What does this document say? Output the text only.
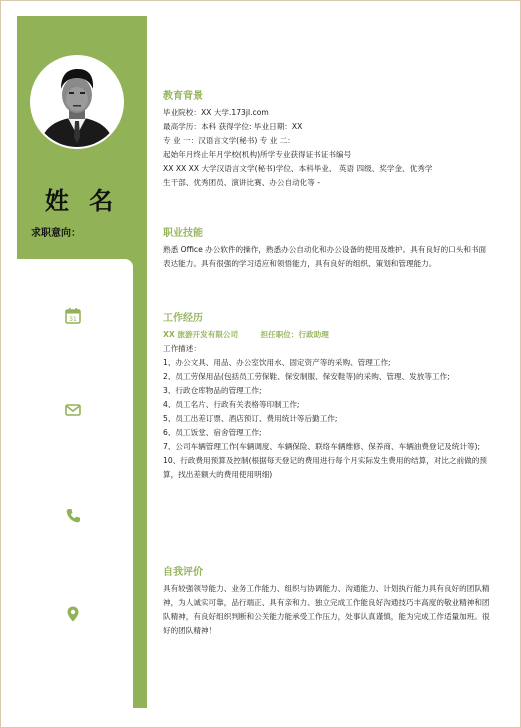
姓 名
求职意向：
31
教育背景
毕业院校：XX 大学.173jl.com
最高学历：本科 获得学位: 毕业日期：XX
专 业 一：汉语言文学(秘书) 专 业 二：
起始年月终止年月学校(机构)所学专业获得证书证书编号
XX XX XX 大学汉语言文学(秘书)学位、本科毕业、 英语 四级、奖学金、优秀学
生干部、优秀团员、演讲比赛、办公自动化等 -
职业技能
熟悉 Office 办公软件的操作，熟悉办公自动化和办公设备的使用及维护。具有良好的口头和书面表达能力。具有很强的学习适应和领悟能力，具有良好的组织、策划和管理能力。
工作经历
XX 旅游开发有限公司	担任职位：行政助理
工作描述：
1、办公文具、用品、办公室饮用水、固定资产等的采购、管理工作;
2、员工劳保用品(包括员工劳保鞋、保安制服、保安鞋等)的采购、管理、发放等工作;
3、行政仓库物品的管理工作;
4、员工名片、行政有关表格等印制工作;
5、员工出差订票、酒店预订、费用统计等后勤工作;
6、员工饭堂、宿舍管理工作;
7、公司车辆管理工作(车辆调度、车辆保险、联络车辆维修、保养商、车辆油费登记及统计等);
10、行政费用预算及控制(根据每天登记的费用进行每个月实际发生费用的结算，对比之前做的预算，找出差额大的费用使用明细)
自我评价
具有较强领导能力、业务工作能力、组织与协调能力、沟通能力、计划执行能力具有良好的团队精神，为人诚实可靠，品行端正、具有亲和力、独立完成工作能良好沟通技巧丰高度的敬业精神和团队精神，有良好组织判断和公关能力能承受工作压力，处事认真谨慎，能为完成工作适量加班。很好的团队精神！
